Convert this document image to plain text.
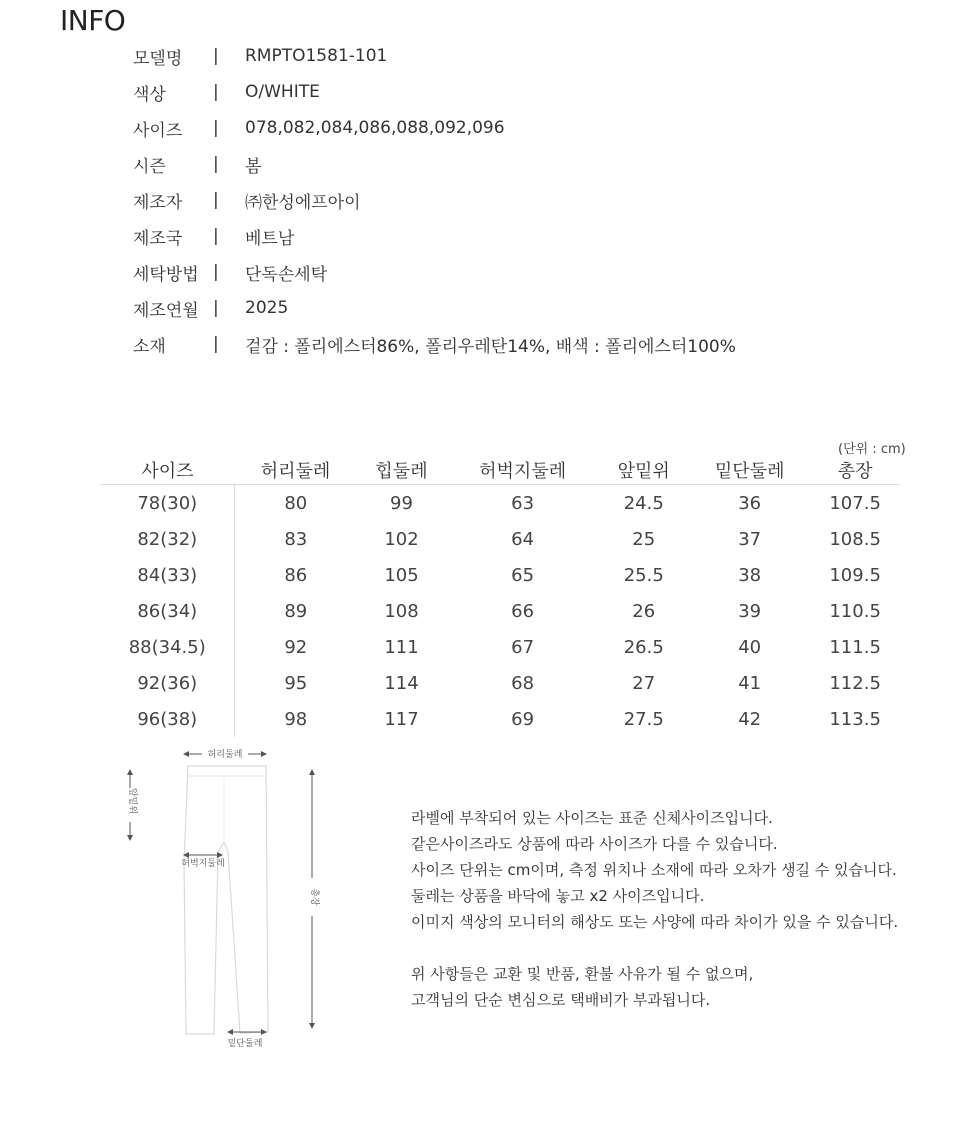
INFO
모델명	|	RMPTO1581-101
색상	|	O/WHITE
사이즈	|	078,082,084,086,088,092,096
시즌	|	봄
제조자	|	㈜한성에프아이
제조국	|	베트남
세탁방법 |	단독손세탁
제조연월 |	2025
소재	|	겉감 : 폴리에스터86%, 폴리우레탄14%, 배색 : 폴리에스터100%
(단위 : cm)
사이즈	허리둘레	힙둘레	허벅지둘레	앞밑위	밑단둘레	총장
78(30)	80	99	63	24.5	36	107.5
82(32)	83	102	64	25	37	108.5
84(33)	86	105	65	25.5	38	109.5
86(34)	89	108	66	26	39	110.5
88(34.5)	92	111	67	26.5	40	111.5
92(36)	95	114	68	27	41	112.5
96(38)	98	117	69	27.5	42	113.5
허리둘레
앞밑위
허벅지둘레
총장
밑단둘레

라벨에 부착되어 있는 사이즈는 표준 신체사이즈입니다.

같은사이즈라도 상품에 따라 사이즈가 다를 수 있습니다.

사이즈 단위는 cm이며, 측정 위치나 소재에 따라 오차가 생길 수 있습니다.

둘레는 상품을 바닥에 놓고 x2 사이즈입니다.

이미지 색상의 모니터의 해상도 또는 사양에 따라 차이가 있을 수 있습니다.

위 사항들은 교환 및 반품, 환불 사유가 될 수 없으며,

고객님의 단순 변심으로 택배비가 부과됩니다.
